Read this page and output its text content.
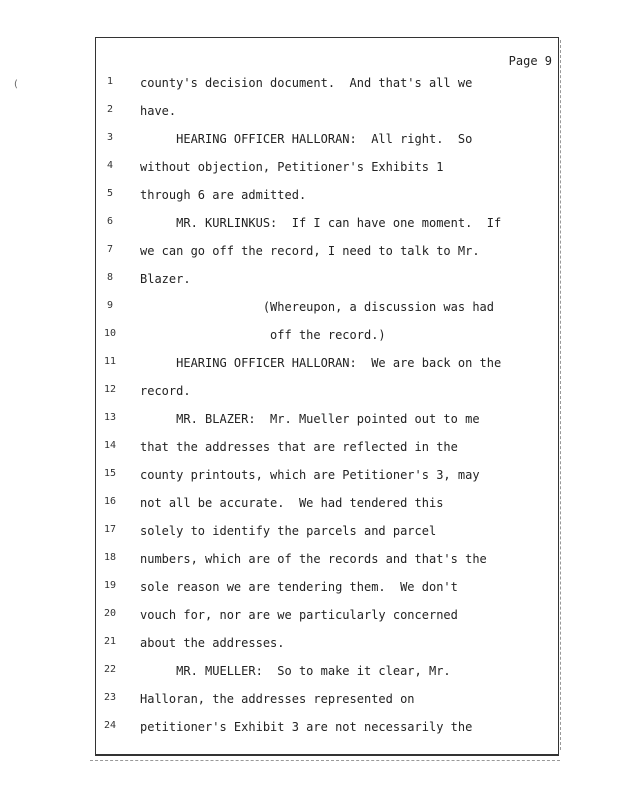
(
Page 9
1	county's decision document.  And that's all we
2	have.
3	HEARING OFFICER HALLORAN:  All right.  So
4	without objection, Petitioner's Exhibits 1
5	through 6 are admitted.
6	MR. KURLINKUS:  If I can have one moment.  If
7	we can go off the record, I need to talk to Mr.
8	Blazer.
9	(Whereupon, a discussion was had
10	off the record.)
11	HEARING OFFICER HALLORAN:  We are back on the
12	record.
13	MR. BLAZER:  Mr. Mueller pointed out to me
14	that the addresses that are reflected in the
15	county printouts, which are Petitioner's 3, may
16	not all be accurate.  We had tendered this
17	solely to identify the parcels and parcel
18	numbers, which are of the records and that's the
19	sole reason we are tendering them.  We don't
20	vouch for, nor are we particularly concerned
21	about the addresses.
22	MR. MUELLER:  So to make it clear, Mr.
23	Halloran, the addresses represented on
24	petitioner's Exhibit 3 are not necessarily the
